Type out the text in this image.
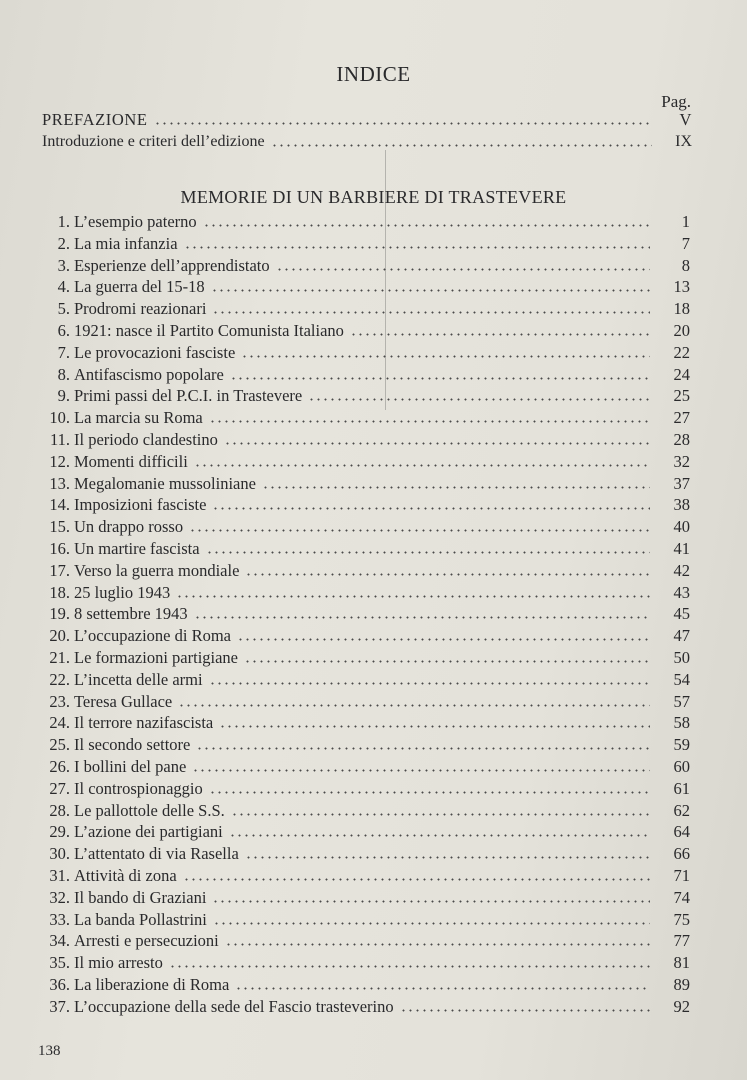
INDICE
Pag.
PREFAZIONE	V
Introduzione e criteri dell’edizione	IX
MEMORIE DI UN BARBIERE DI TRASTEVERE
1. L’esempio paterno	1
2. La mia infanzia	7
3. Esperienze dell’apprendistato	8
4. La guerra del 15-18	13
5. Prodromi reazionari	18
6. 1921: nasce il Partito Comunista Italiano	20
7. Le provocazioni fasciste	22
8. Antifascismo popolare	24
9. Primi passi del P.C.I. in Trastevere	25
10. La marcia su Roma	27
11. Il periodo clandestino	28
12. Momenti difficili	32
13. Megalomanie mussoliniane	37
14. Imposizioni fasciste	38
15. Un drappo rosso	40
16. Un martire fascista	41
17. Verso la guerra mondiale	42
18. 25 luglio 1943	43
19. 8 settembre 1943	45
20. L’occupazione di Roma	47
21. Le formazioni partigiane	50
22. L’incetta delle armi	54
23. Teresa Gullace	57
24. Il terrore nazifascista	58
25. Il secondo settore	59
26. I bollini del pane	60
27. Il controspionaggio	61
28. Le pallottole delle S.S.	62
29. L’azione dei partigiani	64
30. L’attentato di via Rasella	66
31. Attività di zona	71
32. Il bando di Graziani	74
33. La banda Pollastrini	75
34. Arresti e persecuzioni	77
35. Il mio arresto	81
36. La liberazione di Roma	89
37. L’occupazione della sede del Fascio trasteverino	92
138
